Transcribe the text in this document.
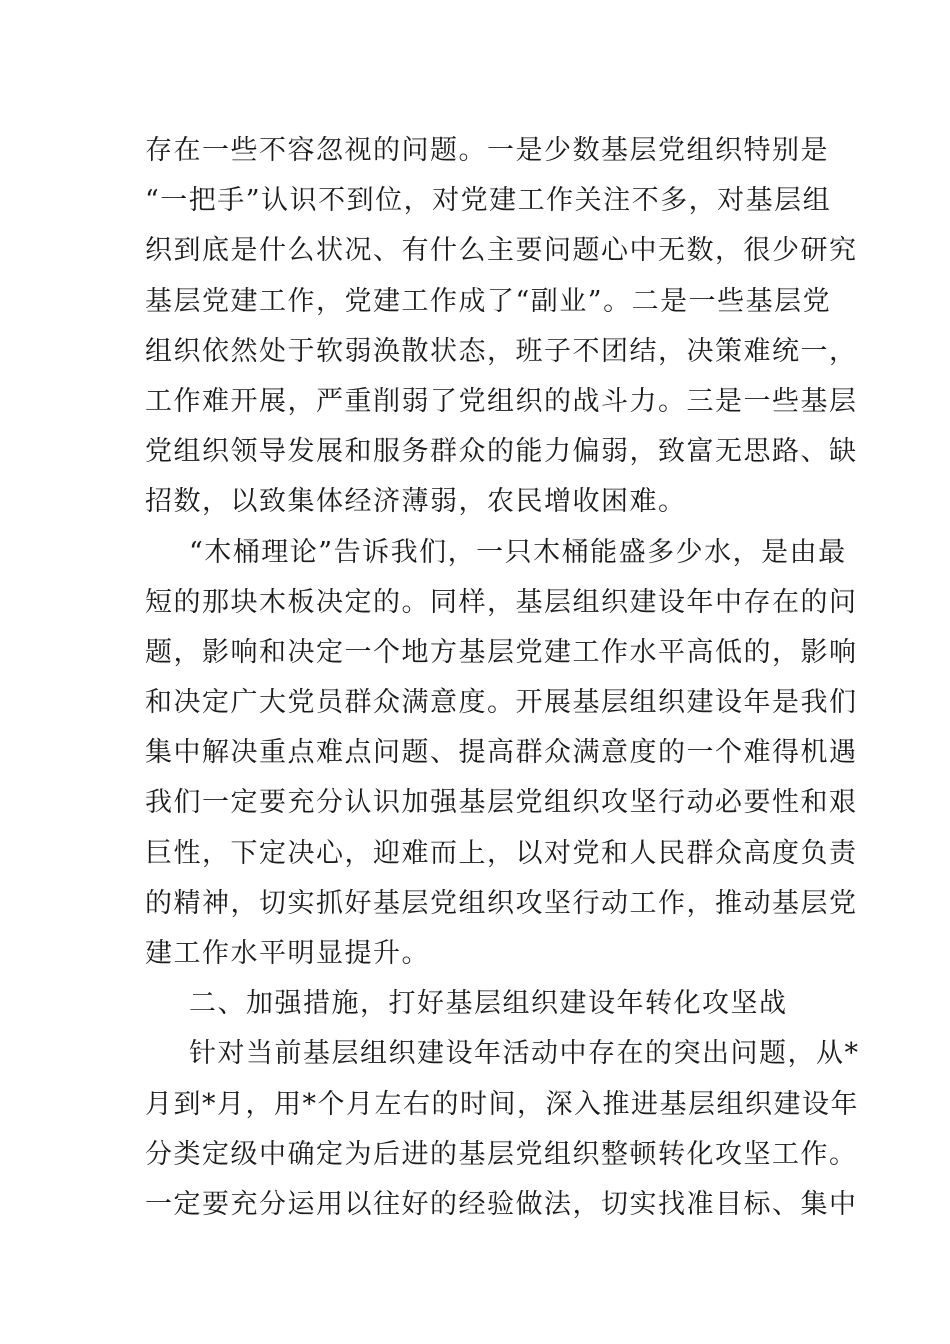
存在一些不容忽视的问题。一是少数基层党组织特别是
“一把手”认识不到位，对党建工作关注不多，对基层组
织到底是什么状况、有什么主要问题心中无数，很少研究
基层党建工作，党建工作成了“副业”。二是一些基层党
组织依然处于软弱涣散状态，班子不团结，决策难统一，
工作难开展，严重削弱了党组织的战斗力。三是一些基层
党组织领导发展和服务群众的能力偏弱，致富无思路、缺
招数，以致集体经济薄弱，农民增收困难。
“木桶理论”告诉我们，一只木桶能盛多少水，是由最
短的那块木板决定的。同样，基层组织建设年中存在的问
题，影响和决定一个地方基层党建工作水平高低的，影响
和决定广大党员群众满意度。开展基层组织建设年是我们
集中解决重点难点问题、提高群众满意度的一个难得机遇
我们一定要充分认识加强基层党组织攻坚行动必要性和艰
巨性，下定决心，迎难而上，以对党和人民群众高度负责
的精神，切实抓好基层党组织攻坚行动工作，推动基层党
建工作水平明显提升。
二、加强措施，打好基层组织建设年转化攻坚战
针对当前基层组织建设年活动中存在的突出问题，从*
月到*月，用*个月左右的时间，深入推进基层组织建设年
分类定级中确定为后进的基层党组织整顿转化攻坚工作。
一定要充分运用以往好的经验做法，切实找准目标、集中
